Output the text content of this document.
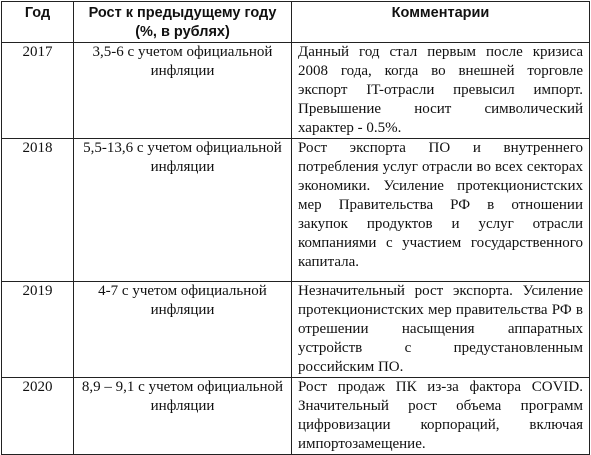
Год	Рост к предыдущему году (%, в рублях)	Комментарии
2017	3,5-6 с учетом официальной инфляции	Данный год стал первым после кризиса 2008 года, когда во внешней торговле экспорт IT-отрасли превысил импорт. Превышение носит символический характер - 0.5%.
2018	5,5-13,6 с учетом официальной инфляции	Рост экспорта ПО и внутреннего потребления услуг отрасли во всех секторах экономики. Усиление протекционистских мер Правительства РФ в отношении закупок продуктов и услуг отрасли компаниями с участием государственного капитала.
2019	4-7 с учетом официальной инфляции	Незначительный рост экспорта. Усиление протекционистских мер правительства РФ в отрешении насыщения аппаратных устройств с предустановленным российским ПО.
2020	8,9 – 9,1 с учетом официальной инфляции	Рост продаж ПК из-за фактора COVID. Значительный рост объема программ цифровизации корпораций, включая импортозамещение.
